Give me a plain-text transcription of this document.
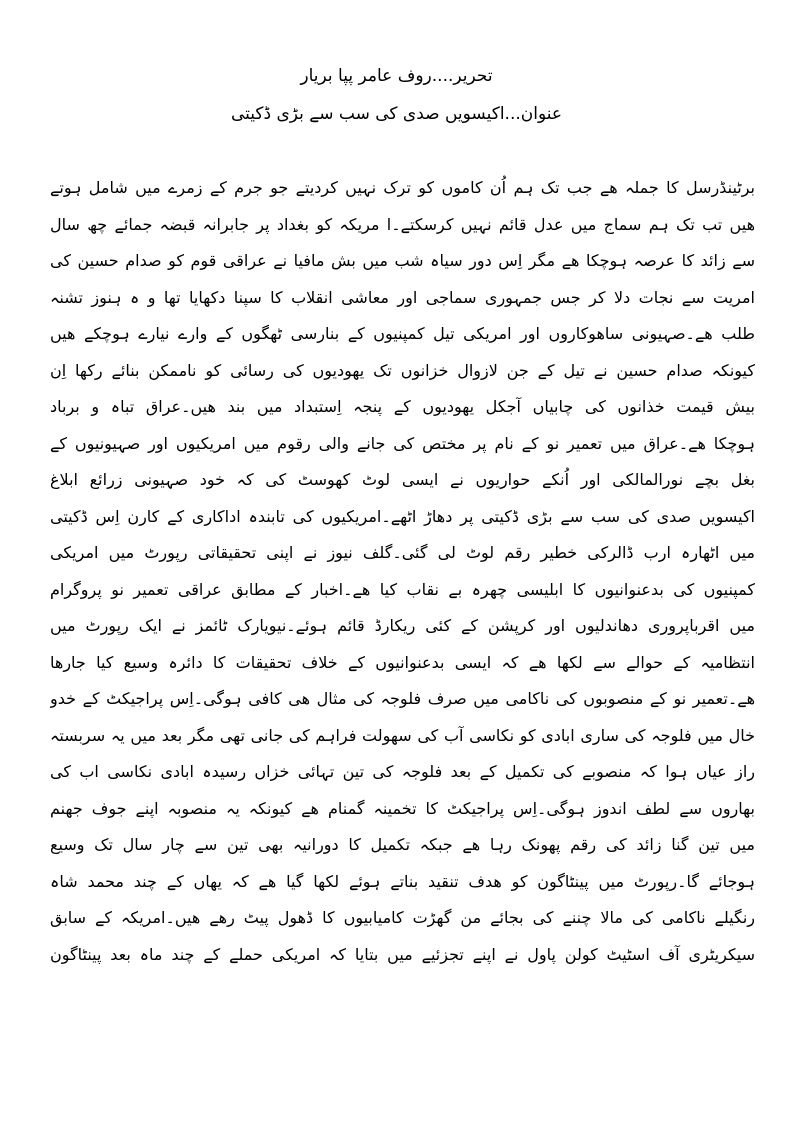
تحریر....روف عامر پپا بریار
عنوان...اکیسویں صدی کی سب سے بڑی ڈکیتی
برٹینڈرسل کا جملہ ھے جب تک ہم اُن کاموں کو ترک نہیں کردیتے جو جرم کے زمرے میں شامل ہوتے
ھیں تب تک ہم سماج میں عدل قائم نہیں کرسکتے۔ا مریکہ کو بغداد پر جابرانہ قبضہ جمائے چھ سال
سے زائد کا عرصہ ہوچکا ھے مگر اِس دور سیاہ شب میں بش مافیا نے عراقی قوم کو صدام حسین کی
امریت سے نجات دلا کر جس جمہوری سماجی اور معاشی انقلاب کا سپنا دکھایا تھا و ہ ہنوز تشنہ
طلب ھے۔صہیونی ساھوکاروں اور امریکی تیل کمپنیوں کے بنارسی ٹھگوں کے وارے نیارے ہوچکے ھیں
کیونکہ صدام حسین نے تیل کے جن لازوال خزانوں تک یھودیوں کی رسائی کو ناممکن بنائے رکھا اِن
بیش قیمت خذانوں کی چابیاں آجکل یھودیوں کے پنجہ اِستبداد میں بند ھیں۔عراق تباہ و برباد
ہوچکا ھے۔عراق میں تعمیر نو کے نام پر مختص کی جانے والی رقوم میں امریکیوں اور صہیونیوں کے
بغل بچے نورالمالکی اور اُنکے حواریوں نے ایسی لوٹ کھوسٹ کی کہ خود صہیونی زرائع ابلاغ
اکیسویں صدی کی سب سے بڑی ڈکیتی پر دھاڑ اٹھے۔امریکیوں کی تابندہ اداکاری کے کارن اِس ڈکیتی
میں اٹھارہ ارب ڈالرکی خطیر رقم لوٹ لی گئی۔گلف نیوز نے اپنی تحقیقاتی رپورٹ میں امریکی
کمپنیوں کی بدعنوانیوں کا ابلیسی چھرہ بے نقاب کیا ھے۔اخبار کے مطابق عراقی تعمیر نو پروگرام
میں اقرباپروری دھاندلیوں اور کرپشن کے کئی ریکارڈ قائم ہوئے۔نیویارک ٹائمز نے ایک رپورٹ میں
انتظامیہ کے حوالے سے لکھا ھے کہ ایسی بدعنوانیوں کے خلاف تحقیقات کا دائرہ وسیع کیا جارھا
ھے۔تعمیر نو کے منصوبوں کی ناکامی میں صرف فلوجہ کی مثال ھی کافی ہوگی۔اِس پراجیکٹ کے خدو
خال میں فلوجہ کی ساری ابادی کو نکاسی آب کی سھولت فراہم کی جانی تھی مگر بعد میں یہ سربستہ
راز عیاں ہوا کہ منصوبے کی تکمیل کے بعد فلوجہ کی تین تہائی خزاں رسیدہ ابادی نکاسی اب کی
بھاروں سے لطف اندوز ہوگی۔اِس پراجیکٹ کا تخمینہ گمنام ھے کیونکہ یہ منصوبہ اپنے جوف جھنم
میں تین گنا زائد کی رقم پھونک رہا ھے جبکہ تکمیل کا دورانیہ بھی تین سے چار سال تک وسیع
ہوجائے گا۔رپورٹ میں پینٹاگون کو ھدف تنقید بناتے ہوئے لکھا گیا ھے کہ یھاں کے چند محمد شاہ
رنگیلے ناکامی کی مالا چننے کی بجائے من گھڑت کامیابیوں کا ڈھول پیٹ رھے ھیں۔امریکہ کے سابق
سیکریٹری آف اسٹیٹ کولن پاول نے اپنے تجزئیے میں بتایا کہ امریکی حملے کے چند ماہ بعد پینٹاگون
